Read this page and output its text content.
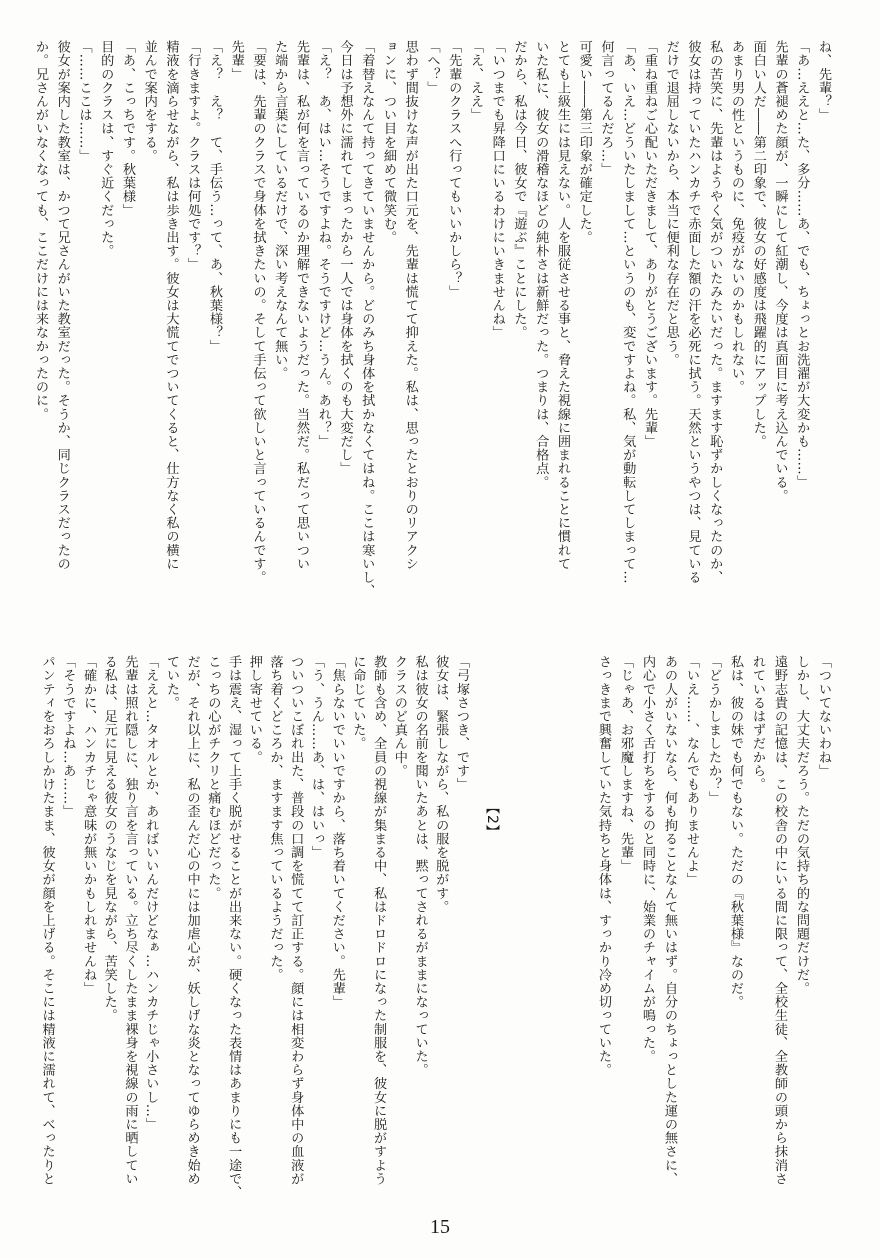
ね、先輩？」
「あ…ええと…た、多分……あ、でも、ちょっとお洗濯が大変かも……」
先輩の蒼褪めた顔が、一瞬にして紅潮し、今度は真面目に考え込んでいる。
面白い人だ――第二印象で、彼女の好感度は飛躍的にアップした。
あまり男の性というものに、免疫がないのかもしれない。
私の苦笑に、先輩はようやく気がついたみたいだった。ますます恥ずかしくなったのか、
彼女は持っていたハンカチで赤面した額の汗を必死に拭う。天然というやつは、見ている
だけで退屈しないから、本当に便利な存在だと思う。
「重ね重ねご心配いただきまして、ありがとうございます。先輩」
「あ、いえ…どういたしまして…というのも、変ですよね。私、気が動転してしまって…
何言ってるんだろ…」
可愛い――第三印象が確定した。
とても上級生には見えない。人を服従させる事と、脅えた視線に囲まれることに慣れて
いた私に、彼女の滑稽なほどの純朴さは新鮮だった。つまりは、合格点。
だから、私は今日、彼女で『遊ぶ』ことにした。
「いつまでも昇降口にいるわけにいきませんね」
「え、ええ」
「先輩のクラスへ行ってもいいかしら？」
「へ？」
思わず間抜けな声が出た口元を、先輩は慌てて抑えた。私は、思ったとおりのリアクシ
ョンに、つい目を細めて微笑む。
「着替えなんて持ってきていませんから。どのみち身体を拭かなくてはね。ここは寒いし、
今日は予想外に濡れてしまったから一人では身体を拭くのも大変だし」
「え？　あ、はい…そうですよね。そうですけど…うん。あれ？」
先輩は、私が何を言っているのか理解できないようだった。当然だ。私だって思いつい
た端から言葉にしているだけで、深い考えなんて無い。
「要は、先輩のクラスで身体を拭きたいの。そして手伝って欲しいと言っているんです。
先輩」
「え？　え？　て、手伝う…って、あ、秋葉様？」
「行きますよ。クラスは何処です？」
精液を滴らせながら、私は歩き出す。彼女は大慌てでついてくると、仕方なく私の横に
並んで案内をする。
「あ、こっちです。秋葉様」
目的のクラスは、すぐ近くだった。
「……ここは……」
彼女が案内した教室は、かつて兄さんがいた教室だった。そうか、同じクラスだったの
か。兄さんがいなくなっても、ここだけには来なかったのに。
「ついてないわね」
しかし、大丈夫だろう。ただの気持ち的な問題だけだ。
遠野志貴の記憶は、この校舎の中にいる間に限って、全校生徒、全教師の頭から抹消さ
れているはずだから。
私は、彼の妹でも何でもない。ただの『秋葉様』なのだ。
「どうかしましたか？」
「いえ……、なんでもありませんよ」
あの人がいないなら、何も拘ることなんて無いはず。自分のちょっとした運の無さに、
内心で小さく舌打ちをするのと同時に、始業のチャイムが鳴った。
「じゃあ、お邪魔しますね、先輩」
さっきまで興奮していた気持ちと身体は、すっかり冷め切っていた。
【2】
「弓塚さつき、です」
彼女は、緊張しながら、私の服を脱がす。
私は彼女の名前を聞いたあとは、黙ってされるがままになっていた。
クラスのど真ん中。
教師も含め、全員の視線が集まる中、私はドロドロになった制服を、彼女に脱がすよう
に命じていた。
「焦らないでいいですから、落ち着いてください。先輩」
「う、うん……あ、は、はいっ」
ついついこぼれ出た、普段の口調を慌てて訂正する。顔には相変わらず身体中の血液が
落ち着くどころか、ますます焦っているようだった。
押し寄せている。
手は震え、湿って上手く脱がせることが出来ない。硬くなった表情はあまりにも一途で、
こっちの心がチクリと痛むほどだった。
だが、それ以上に、私の歪んだ心の中には加虐心が、妖しげな炎となってゆらめき始め
ていた。
「ええと…タオルとか、あればいいんだけどなぁ…ハンカチじゃ小さいし…」
先輩は照れ隠しに、独り言を言っている。立ち尽くしたまま裸身を視線の雨に晒してい
る私は、足元に見える彼女のうなじを見ながら、苦笑した。
「確かに、ハンカチじゃ意味が無いかもしれませんね」
「そうですよね…あ……」
パンティをおろしかけたまま、彼女が顔を上げる。そこには精液に濡れて、べったりと
15
